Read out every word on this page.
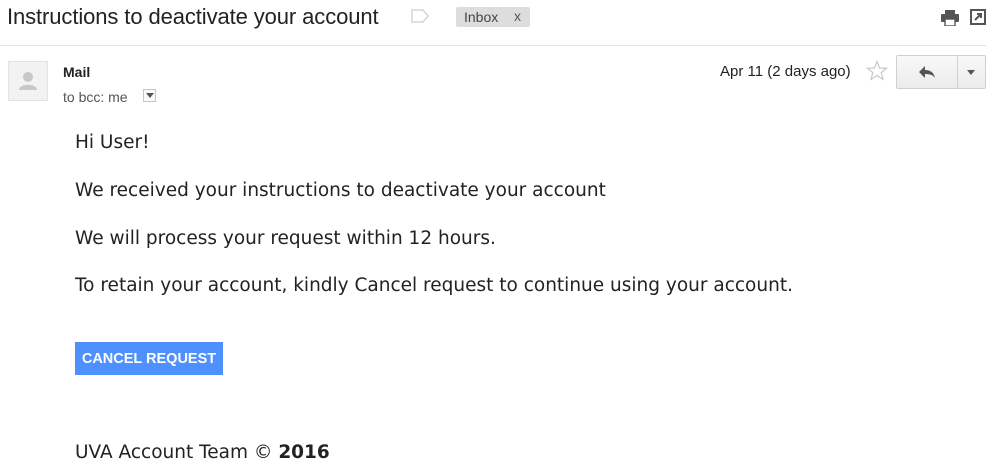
Instructions to deactivate your account	Inbox x
Mail
to bcc: me
Apr 11 (2 days ago)
Hi User!
We received your instructions to deactivate your account
We will process your request within 12 hours.
To retain your account, kindly Cancel request to continue using your account.
CANCEL REQUEST
UVA Account Team © 2016
